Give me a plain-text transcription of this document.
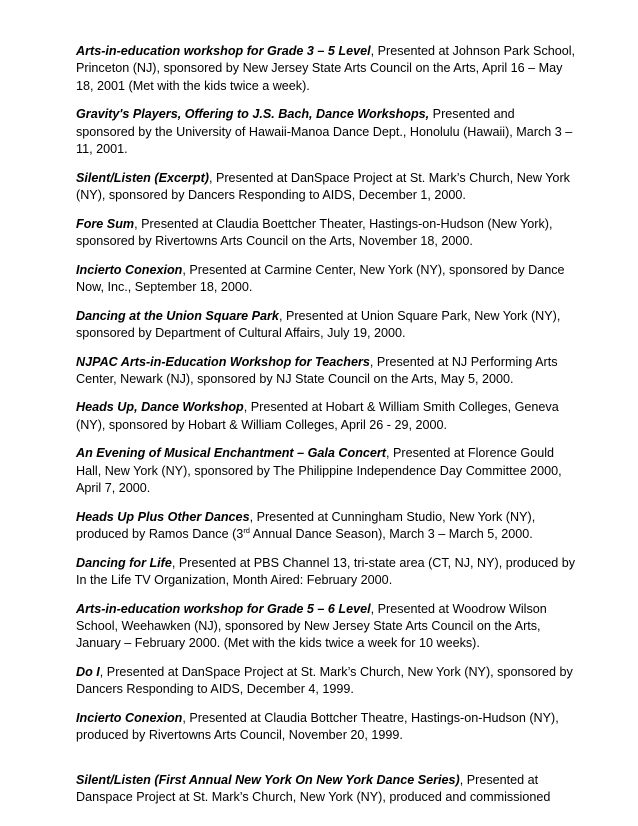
Arts-in-education workshop for Grade 3 – 5 Level, Presented at Johnson Park School, Princeton (NJ), sponsored by New Jersey State Arts Council on the Arts, April 16 – May 18, 2001 (Met with the kids twice a week).

Gravity's Players, Offering to J.S. Bach, Dance Workshops, Presented and sponsored by the University of Hawaii-Manoa Dance Dept., Honolulu (Hawaii), March 3 – 11, 2001.

Silent/Listen (Excerpt), Presented at DanSpace Project at St. Mark’s Church, New York (NY), sponsored by Dancers Responding to AIDS, December 1, 2000.

Fore Sum, Presented at Claudia Boettcher Theater, Hastings-on-Hudson (New York), sponsored by Rivertowns Arts Council on the Arts, November 18, 2000.

Incierto Conexion, Presented at Carmine Center, New York (NY), sponsored by Dance Now, Inc., September 18, 2000.

Dancing at the Union Square Park, Presented at Union Square Park, New York (NY), sponsored by Department of Cultural Affairs, July 19, 2000.

NJPAC Arts-in-Education Workshop for Teachers, Presented at NJ Performing Arts Center, Newark (NJ), sponsored by NJ State Council on the Arts, May 5, 2000.

Heads Up, Dance Workshop, Presented at Hobart & William Smith Colleges, Geneva (NY), sponsored by Hobart & William Colleges, April 26 - 29, 2000.

An Evening of Musical Enchantment – Gala Concert, Presented at Florence Gould Hall, New York (NY), sponsored by The Philippine Independence Day Committee 2000, April 7, 2000.

Heads Up Plus Other Dances, Presented at Cunningham Studio, New York (NY), produced by Ramos Dance (3rd Annual Dance Season), March 3 – March 5, 2000.

Dancing for Life, Presented at PBS Channel 13, tri-state area (CT, NJ, NY), produced by In the Life TV Organization, Month Aired: February 2000.

Arts-in-education workshop for Grade 5 – 6 Level, Presented at Woodrow Wilson School, Weehawken (NJ), sponsored by New Jersey State Arts Council on the Arts, January – February 2000. (Met with the kids twice a week for 10 weeks).

Do I, Presented at DanSpace Project at St. Mark’s Church, New York (NY), sponsored by Dancers Responding to AIDS, December 4, 1999.

Incierto Conexion, Presented at Claudia Bottcher Theatre, Hastings-on-Hudson (NY), produced by Rivertowns Arts Council, November 20, 1999.

Silent/Listen (First Annual New York On New York Dance Series), Presented at Danspace Project at St. Mark’s Church, New York (NY), produced and commissioned
